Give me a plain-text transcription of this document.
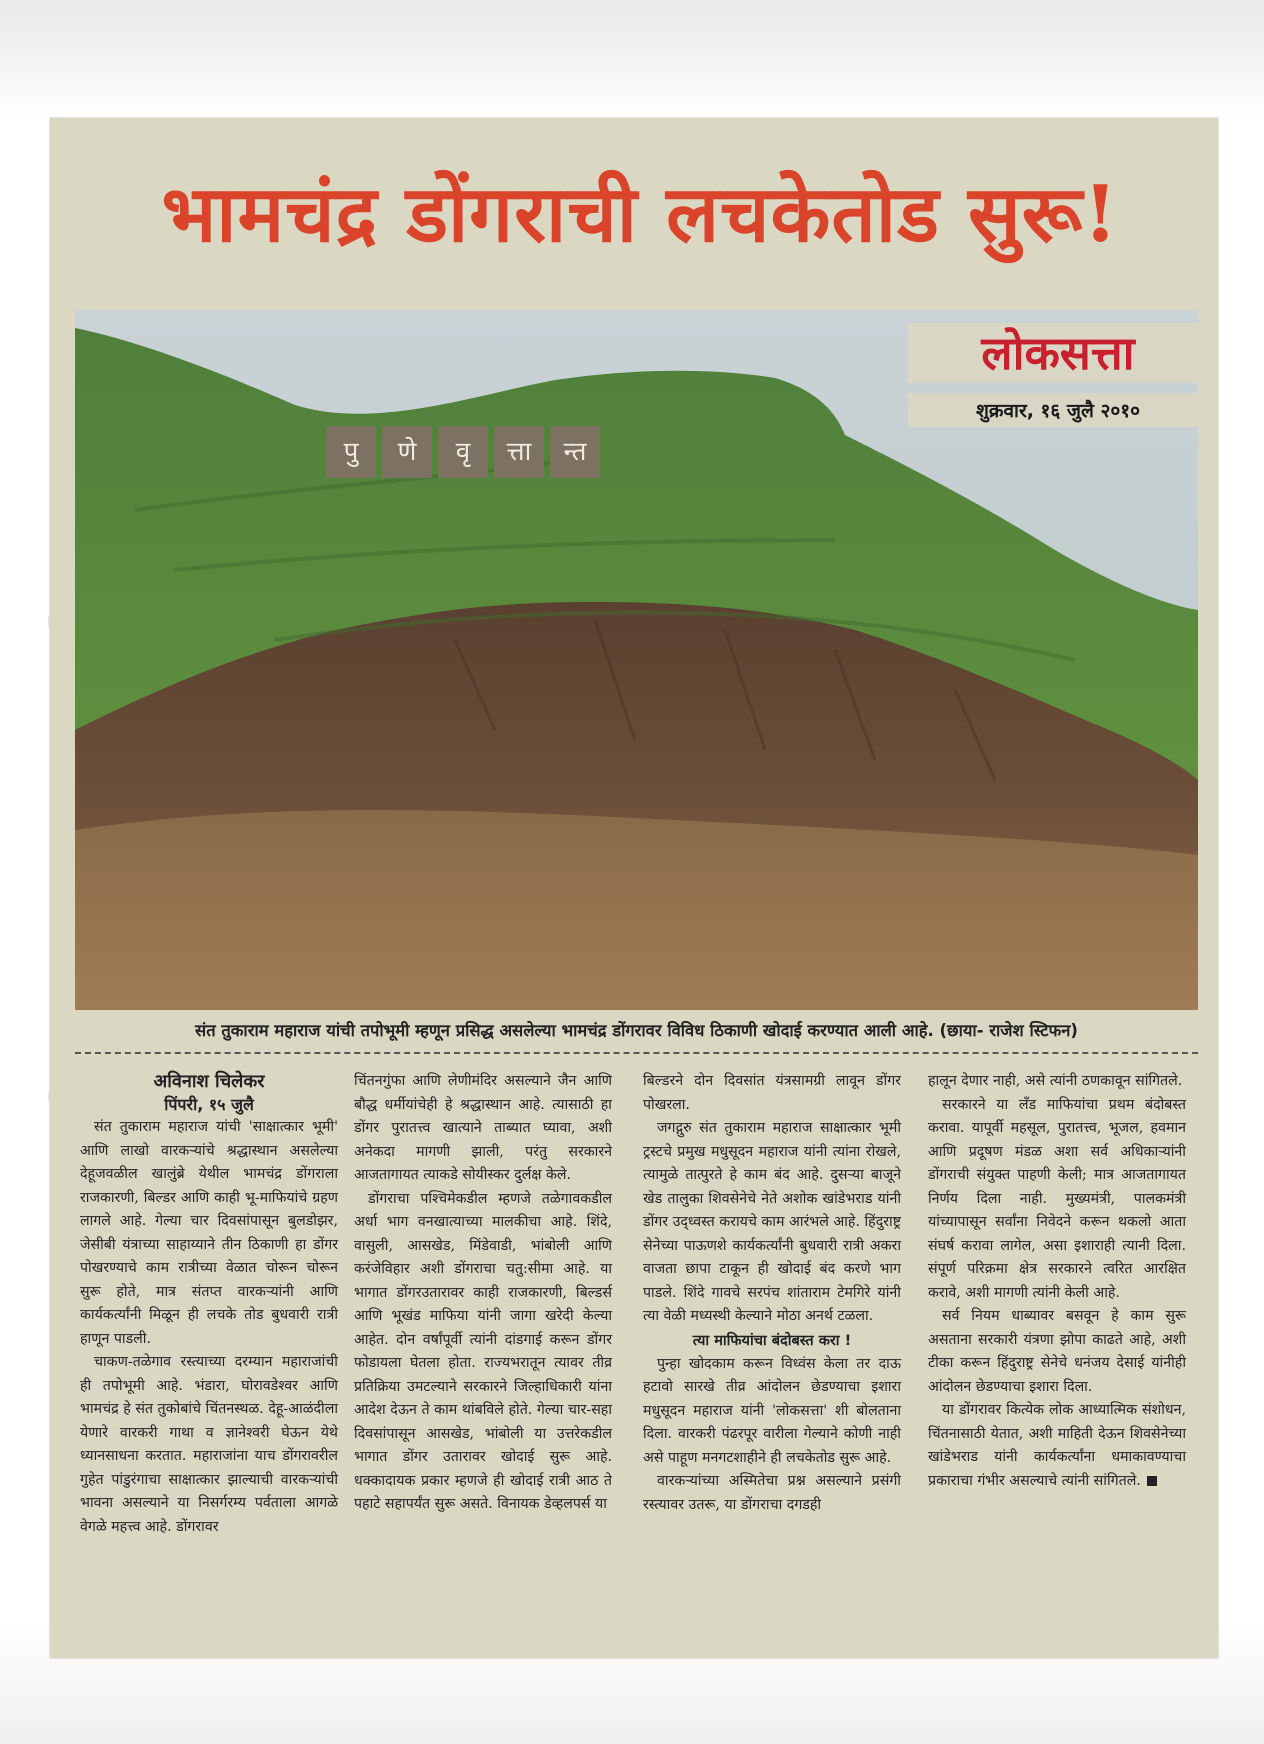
भामचंद्र डोंगराची लचकेतोड सुरू!
पु	णे	वृ	त्ता	न्त
लोकसत्ता
शुक्रवार, १६ जुलै २०१०
संत तुकाराम महाराज यांची तपोभूमी म्हणून प्रसिद्ध असलेल्या भामचंद्र डोंगरावर विविध ठिकाणी खोदाई करण्यात आली आहे. (छाया- राजेश स्टिफन)
अविनाश चिलेकर
पिंपरी, १५ जुलै

संत तुकाराम महाराज यांची 'साक्षात्कार भूमी' आणि लाखो वारकऱ्यांचे श्रद्धास्थान असलेल्या देहूजवळील खालुंब्रे येथील भामचंद्र डोंगराला राजकारणी, बिल्डर आणि काही भू-माफियांचे ग्रहण लागले आहे. गेल्या चार दिवसांपासून बुलडोझर, जेसीबी यंत्राच्या साहाय्याने तीन ठिकाणी हा डोंगर पोखरण्याचे काम रात्रीच्या वेळात चोरून चोरून सुरू होते, मात्र संतप्त वारकऱ्यांनी आणि कार्यकर्त्यांनी मिळून ही लचके तोड बुधवारी रात्री हाणून पाडली.

चाकण-तळेगाव रस्त्याच्या दरम्यान महाराजांची ही तपोभूमी आहे. भंडारा, घोरावडेश्वर आणि भामचंद्र हे संत तुकोबांचे चिंतनस्थळ. देहू-आळंदीला येणारे वारकरी गाथा व ज्ञानेश्वरी घेऊन येथे ध्यानसाधना करतात. महाराजांना याच डोंगरावरील गुहेत पांडुरंगाचा साक्षात्कार झाल्याची वारकऱ्यांची भावना असल्याने या निसर्गरम्य पर्वताला आगळे वेगळे महत्त्व आहे. डोंगरावर

चिंतनगुंफा आणि लेणीमंदिर असल्याने जैन आणि बौद्ध धर्मीयांचेही हे श्रद्धास्थान आहे. त्यासाठी हा डोंगर पुरातत्त्व खात्याने ताब्यात घ्यावा, अशी अनेकदा मागणी झाली, परंतु सरकारने आजतागायत त्याकडे सोयीस्कर दुर्लक्ष केले.

डोंगराचा पश्चिमेकडील म्हणजे तळेगावकडील अर्धा भाग वनखात्याच्या मालकीचा आहे. शिंदे, वासुली, आसखेड, मिंडेवाडी, भांबोली आणि करंजेविहार अशी डोंगराचा चतु:सीमा आहे. या भागात डोंगरउतारावर काही राजकारणी, बिल्डर्स आणि भूखंड माफिया यांनी जागा खरेदी केल्या आहेत. दोन वर्षांपूर्वी त्यांनी दांडगाई करून डोंगर फोडायला घेतला होता. राज्यभरातून त्यावर तीव्र प्रतिक्रिया उमटल्याने सरकारने जिल्हाधिकारी यांना आदेश देऊन ते काम थांबविले होते. गेल्या चार-सहा दिवसांपासून आसखेड, भांबोली या उत्तरेकडील भागात डोंगर उतारावर खोदाई सुरू आहे. धक्कादायक प्रकार म्हणजे ही खोदाई रात्री आठ ते पहाटे सहापर्यंत सुरू असते. विनायक डेव्हलपर्स या

बिल्डरने दोन दिवसांत यंत्रसामग्री लावून डोंगर पोखरला.

जगद्गुरु संत तुकाराम महाराज साक्षात्कार भूमी ट्रस्टचे प्रमुख मधुसूदन महाराज यांनी त्यांना रोखले, त्यामुळे तात्पुरते हे काम बंद आहे. दुसऱ्या बाजूने खेड तालुका शिवसेनेचे नेते अशोक खांडेभराड यांनी डोंगर उद्ध्वस्त करायचे काम आरंभले आहे. हिंदुराष्ट्र सेनेच्या पाऊणशे कार्यकर्त्यांनी बुधवारी रात्री अकरा वाजता छापा टाकून ही खोदाई बंद करणे भाग पाडले. शिंदे गावचे सरपंच शांताराम टेमगिरे यांनी त्या वेळी मध्यस्थी केल्याने मोठा अनर्थ टळला.

त्या माफियांचा बंदोबस्त करा !

पुन्हा खोदकाम करून विध्वंस केला तर दाऊ हटावो सारखे तीव्र आंदोलन छेडण्याचा इशारा मधुसूदन महाराज यांनी 'लोकसत्ता' शी बोलताना दिला. वारकरी पंढरपूर वारीला गेल्याने कोणी नाही असे पाहूण मनगटशाहीने ही लचकेतोड सुरू आहे.

वारकऱ्यांच्या अस्मितेचा प्रश्न असल्याने प्रसंगी रस्त्यावर उतरू, या डोंगराचा दगडही

हालून देणार नाही, असे त्यांनी ठणकावून सांगितले.

सरकारने या लँड माफियांचा प्रथम बंदोबस्त करावा. यापूर्वी महसूल, पुरातत्त्व, भूजल, हवमान आणि प्रदूषण मंडळ अशा सर्व अधिकाऱ्यांनी डोंगराची संयुक्त पाहणी केली; मात्र आजतागायत निर्णय दिला नाही. मुख्यमंत्री, पालकमंत्री यांच्यापासून सर्वांना निवेदने करून थकलो आता संघर्ष करावा लागेल, असा इशाराही त्यानी दिला. संपूर्ण परिक्रमा क्षेत्र सरकारने त्वरित आरक्षित करावे, अशी मागणी त्यांनी केली आहे.

सर्व नियम धाब्यावर बसवून हे काम सुरू असताना सरकारी यंत्रणा झोपा काढते आहे, अशी टीका करून हिंदुराष्ट्र सेनेचे धनंजय देसाई यांनीही आंदोलन छेडण्याचा इशारा दिला.

या डोंगरावर कित्येक लोक आध्यात्मिक संशोधन, चिंतनासाठी येतात, अशी माहिती देऊन शिवसेनेच्या खांडेभराड यांनी कार्यकर्त्यांना धमाकावण्याचा प्रकाराचा गंभीर असल्याचे त्यांनी सांगितले.
